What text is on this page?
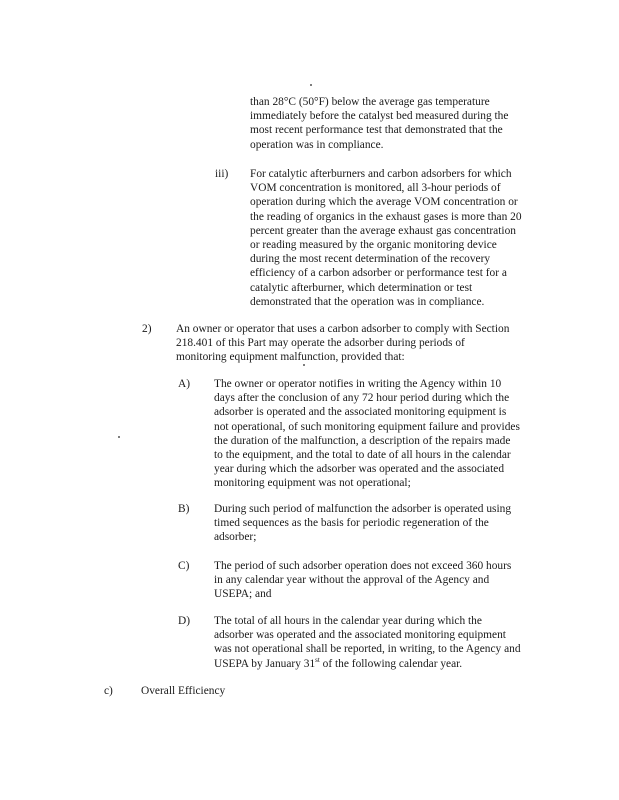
than 28°C (50°F) below the average gas temperature
immediately before the catalyst bed measured during the
most recent performance test that demonstrated that the
operation was in compliance.
iii) For catalytic afterburners and carbon adsorbers for which
VOM concentration is monitored, all 3-hour periods of
operation during which the average VOM concentration or
the reading of organics in the exhaust gases is more than 20
percent greater than the average exhaust gas concentration
or reading measured by the organic monitoring device
during the most recent determination of the recovery
efficiency of a carbon adsorber or performance test for a
catalytic afterburner, which determination or test
demonstrated that the operation was in compliance.
2) An owner or operator that uses a carbon adsorber to comply with Section
218.401 of this Part may operate the adsorber during periods of
monitoring equipment malfunction, provided that:
A) The owner or operator notifies in writing the Agency within 10
days after the conclusion of any 72 hour period during which the
adsorber is operated and the associated monitoring equipment is
not operational, of such monitoring equipment failure and provides
the duration of the malfunction, a description of the repairs made
to the equipment, and the total to date of all hours in the calendar
year during which the adsorber was operated and the associated
monitoring equipment was not operational;
B) During such period of malfunction the adsorber is operated using
timed sequences as the basis for periodic regeneration of the
adsorber;
C) The period of such adsorber operation does not exceed 360 hours
in any calendar year without the approval of the Agency and
USEPA; and
D) The total of all hours in the calendar year during which the
adsorber was operated and the associated monitoring equipment
was not operational shall be reported, in writing, to the Agency and
USEPA by January 31st of the following calendar year.
c) Overall Efficiency
